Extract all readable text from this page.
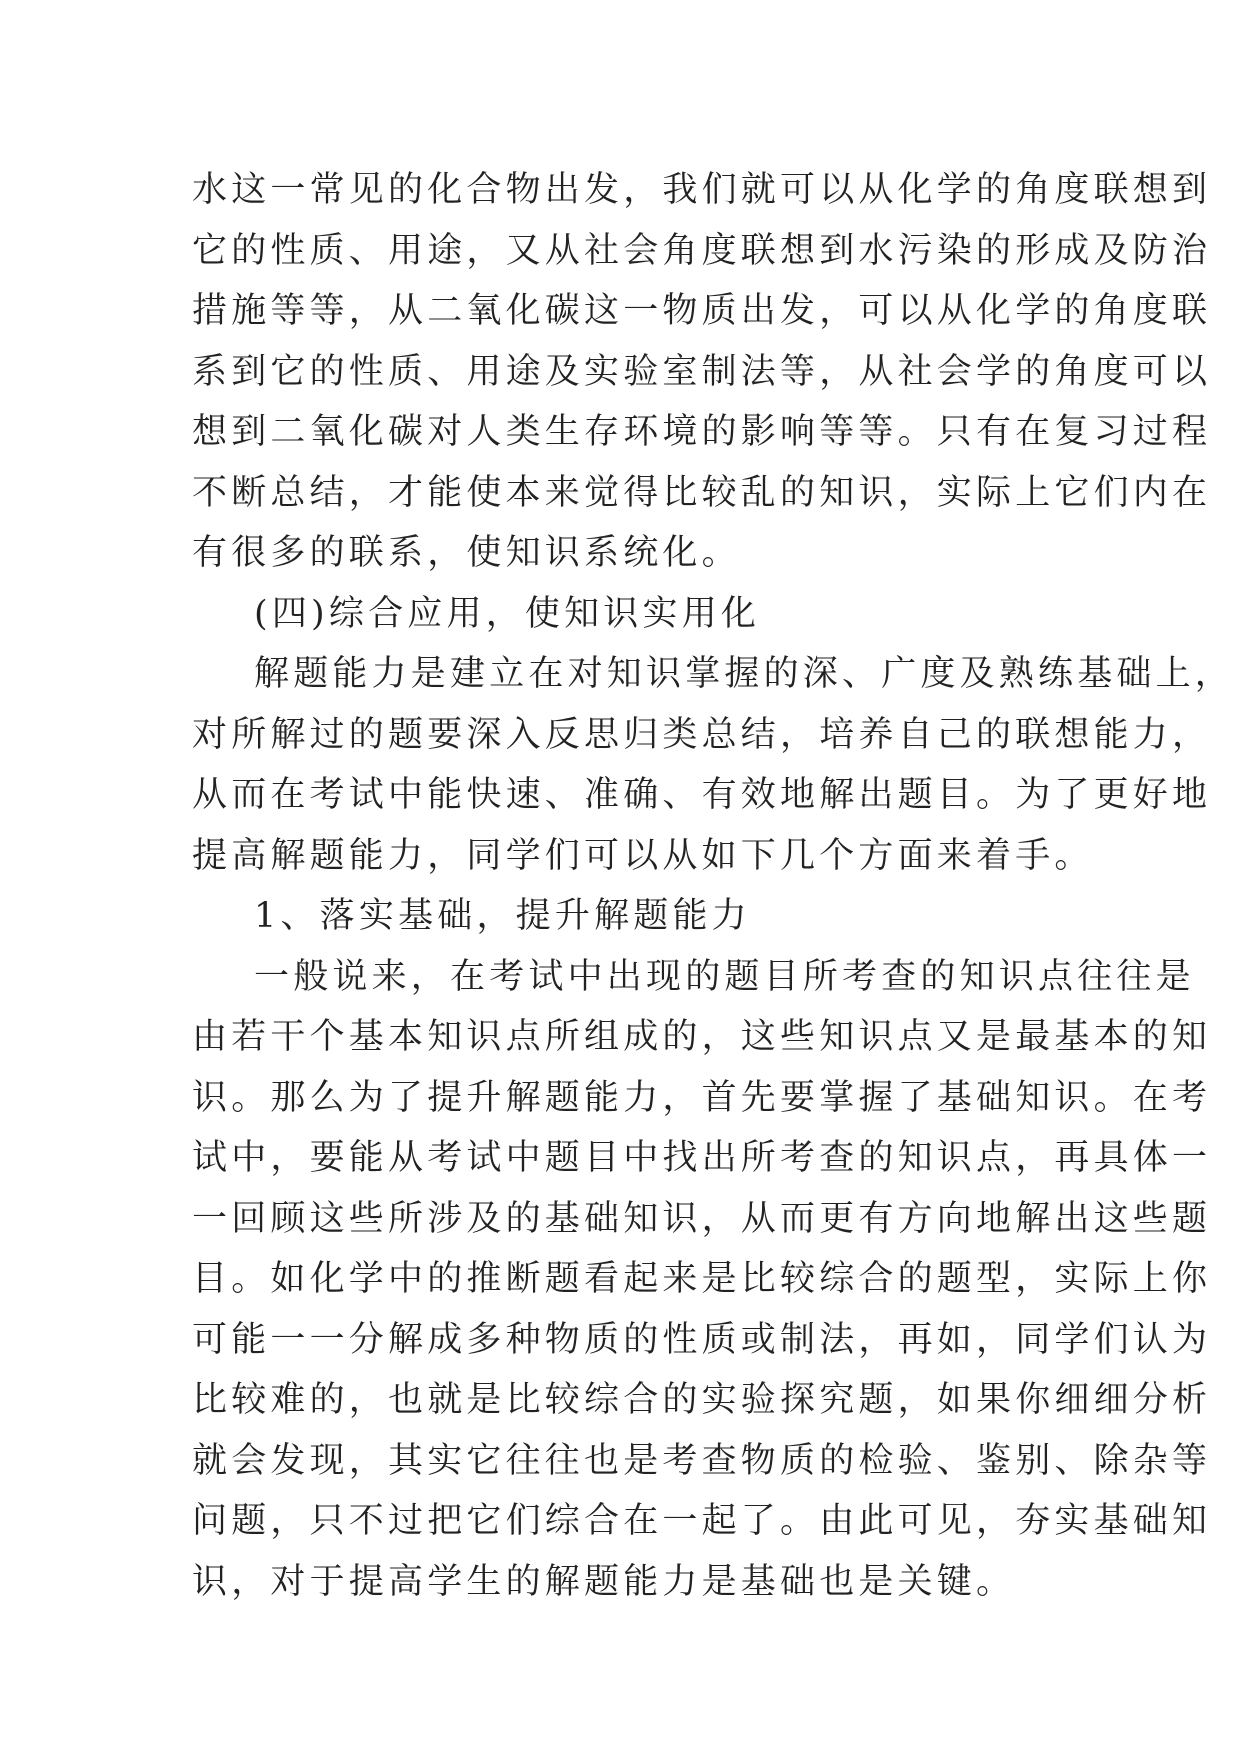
水这一常见的化合物出发，我们就可以从化学的角度联想到
它的性质、用途，又从社会角度联想到水污染的形成及防治
措施等等，从二氧化碳这一物质出发，可以从化学的角度联
系到它的性质、用途及实验室制法等，从社会学的角度可以
想到二氧化碳对人类生存环境的影响等等。只有在复习过程
不断总结，才能使本来觉得比较乱的知识，实际上它们内在
有很多的联系，使知识系统化。
(四)综合应用，使知识实用化
解题能力是建立在对知识掌握的深、广度及熟练基础上，
对所解过的题要深入反思归类总结，培养自己的联想能力，
从而在考试中能快速、准确、有效地解出题目。为了更好地
提高解题能力，同学们可以从如下几个方面来着手。
1、落实基础，提升解题能力
一般说来，在考试中出现的题目所考查的知识点往往是
由若干个基本知识点所组成的，这些知识点又是最基本的知
识。那么为了提升解题能力，首先要掌握了基础知识。在考
试中，要能从考试中题目中找出所考查的知识点，再具体一
一回顾这些所涉及的基础知识，从而更有方向地解出这些题
目。如化学中的推断题看起来是比较综合的题型，实际上你
可能一一分解成多种物质的性质或制法，再如，同学们认为
比较难的，也就是比较综合的实验探究题，如果你细细分析
就会发现，其实它往往也是考查物质的检验、鉴别、除杂等
问题，只不过把它们综合在一起了。由此可见，夯实基础知
识，对于提高学生的解题能力是基础也是关键。
